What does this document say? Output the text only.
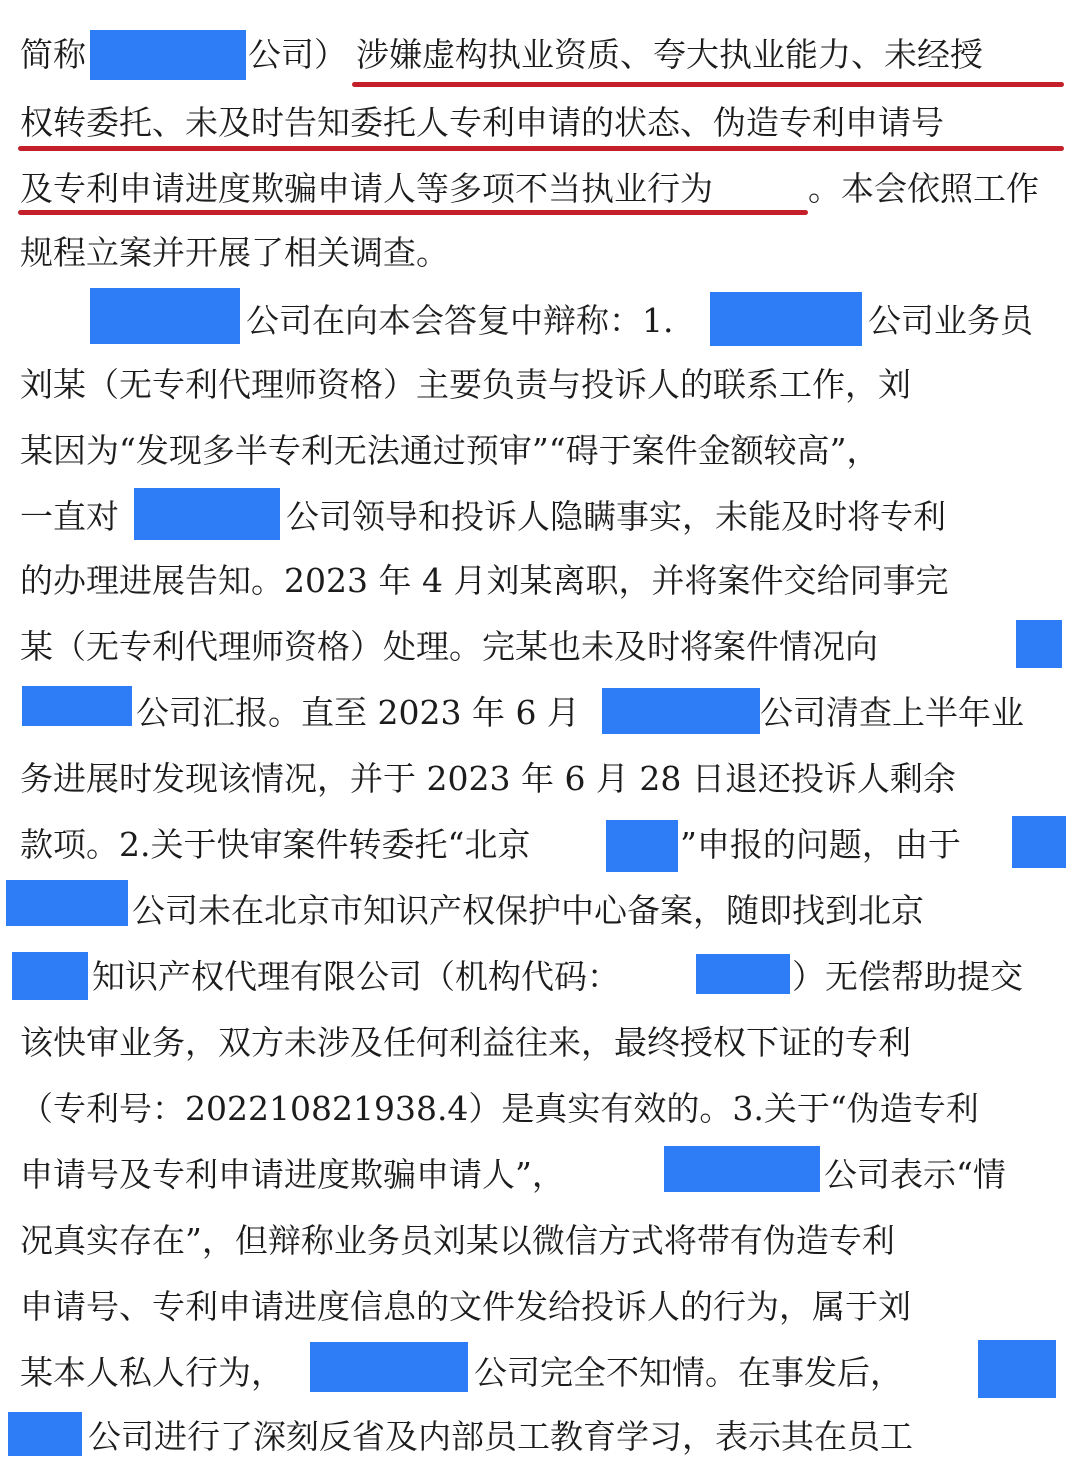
简称	公司） 涉嫌虚构执业资质、夸大执业能力、未经授
权转委托、未及时告知委托人专利申请的状态、伪造专利申请号
及专利申请进度欺骗申请人等多项不当执业行为	。本会依照工作
规程立案并开展了相关调查。
公司在向本会答复中辩称：1.	公司业务员
刘某（无专利代理师资格）主要负责与投诉人的联系工作，刘
某因为“发现多半专利无法通过预审”“碍于案件金额较高”，
一直对	公司领导和投诉人隐瞒事实，未能及时将专利
的办理进展告知。2023 年 4 月刘某离职，并将案件交给同事完
某（无专利代理师资格）处理。完某也未及时将案件情况向
公司汇报。直至 2023 年 6 月	公司清查上半年业
务进展时发现该情况，并于 2023 年 6 月 28 日退还投诉人剩余
款项。2.关于快审案件转委托“北京	”申报的问题，由于
公司未在北京市知识产权保护中心备案，随即找到北京
知识产权代理有限公司（机构代码：	）无偿帮助提交
该快审业务，双方未涉及任何利益往来，最终授权下证的专利
（专利号：202210821938.4）是真实有效的。3.关于“伪造专利
申请号及专利申请进度欺骗申请人”，	公司表示“情
况真实存在”，但辩称业务员刘某以微信方式将带有伪造专利
申请号、专利申请进度信息的文件发给投诉人的行为，属于刘
某本人私人行为，	公司完全不知情。在事发后，
公司进行了深刻反省及内部员工教育学习，表示其在员工
